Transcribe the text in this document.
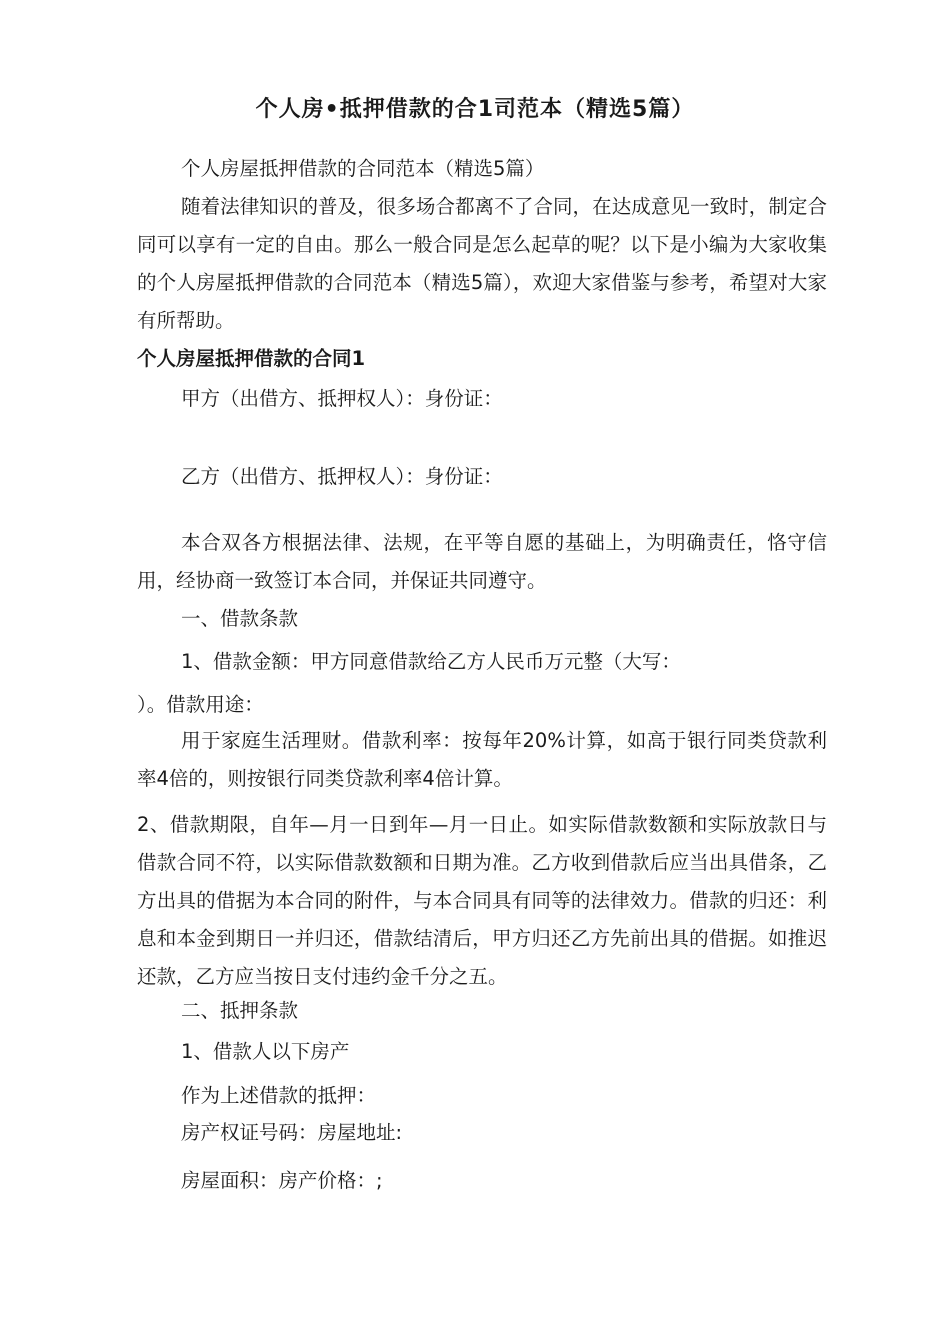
个人房•抵押借款的合1司范本（精选5篇）
个人房屋抵押借款的合同范本（精选5篇）
随着法律知识的普及，很多场合都离不了合同，在达成意见一致时，制定合同可以享有一定的自由。那么一般合同是怎么起草的呢？以下是小编为大家收集的个人房屋抵押借款的合同范本（精选5篇），欢迎大家借鉴与参考，希望对大家有所帮助。
个人房屋抵押借款的合同1
甲方（出借方、抵押权人）：身份证：
乙方（出借方、抵押权人）：身份证：
本合双各方根据法律、法规，在平等自愿的基础上，为明确责任，恪守信用，经协商一致签订本合同，并保证共同遵守。
一、借款条款
1、借款金额：甲方同意借款给乙方人民币万元整（大写：
）。借款用途：
用于家庭生活理财。借款利率：按每年20%计算，如高于银行同类贷款利率4倍的，则按银行同类贷款利率4倍计算。
2、借款期限，自年—月一日到年—月一日止。如实际借款数额和实际放款日与借款合同不符，以实际借款数额和日期为准。乙方收到借款后应当出具借条，乙方出具的借据为本合同的附件，与本合同具有同等的法律效力。借款的归还：利息和本金到期日一并归还，借款结清后，甲方归还乙方先前出具的借据。如推迟还款，乙方应当按日支付违约金千分之五。
二、抵押条款
1、借款人以下房产
作为上述借款的抵押：
房产权证号码：房屋地址:
房屋面积：房产价格：;
